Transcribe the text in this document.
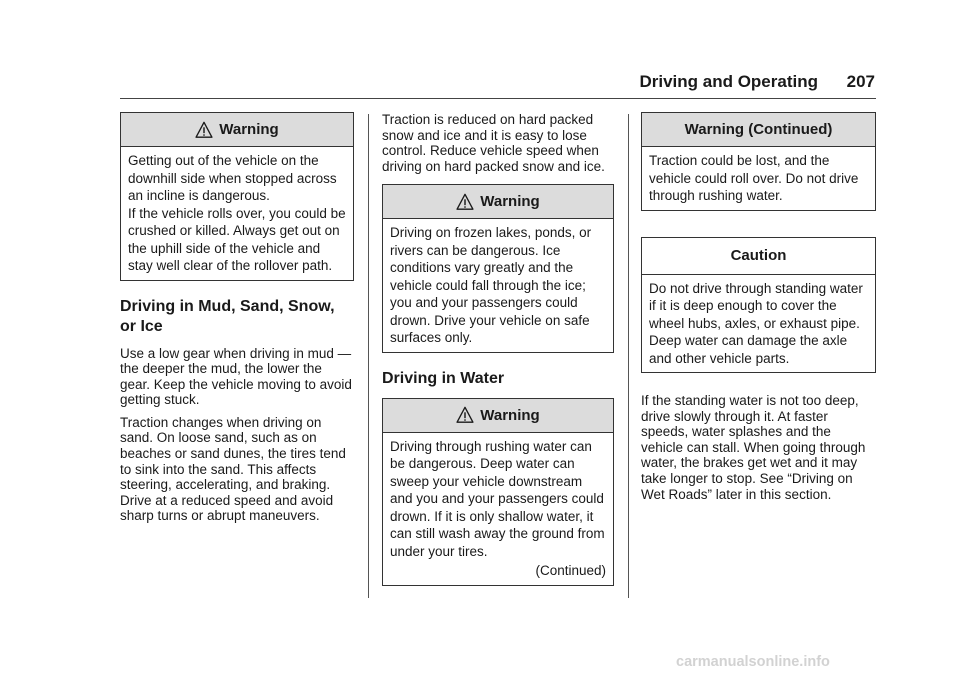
Driving and Operating	207
Warning

Getting out of the vehicle on the downhill side when stopped across an incline is dangerous.

If the vehicle rolls over, you could be crushed or killed. Always get out on the uphill side of the vehicle and stay well clear of the rollover path.

Driving in Mud, Sand, Snow, or Ice

Use a low gear when driving in mud — the deeper the mud, the lower the gear. Keep the vehicle moving to avoid getting stuck.

Traction changes when driving on sand. On loose sand, such as on beaches or sand dunes, the tires tend to sink into the sand. This affects steering, accelerating, and braking. Drive at a reduced speed and avoid sharp turns or abrupt maneuvers.

Traction is reduced on hard packed snow and ice and it is easy to lose control. Reduce vehicle speed when driving on hard packed snow and ice.

Warning

Driving on frozen lakes, ponds, or rivers can be dangerous. Ice conditions vary greatly and the vehicle could fall through the ice; you and your passengers could drown. Drive your vehicle on safe surfaces only.

Driving in Water
Warning

Driving through rushing water can be dangerous. Deep water can sweep your vehicle downstream and you and your passengers could drown. If it is only shallow water, it can still wash away the ground from under your tires.

(Continued)
Warning (Continued)

Traction could be lost, and the vehicle could roll over. Do not drive through rushing water.

Caution

Do not drive through standing water if it is deep enough to cover the wheel hubs, axles, or exhaust pipe. Deep water can damage the axle and other vehicle parts.

If the standing water is not too deep, drive slowly through it. At faster speeds, water splashes and the vehicle can stall. When going through water, the brakes get wet and it may take longer to stop. See “Driving on Wet Roads” later in this section.

carmanualsonline.info
